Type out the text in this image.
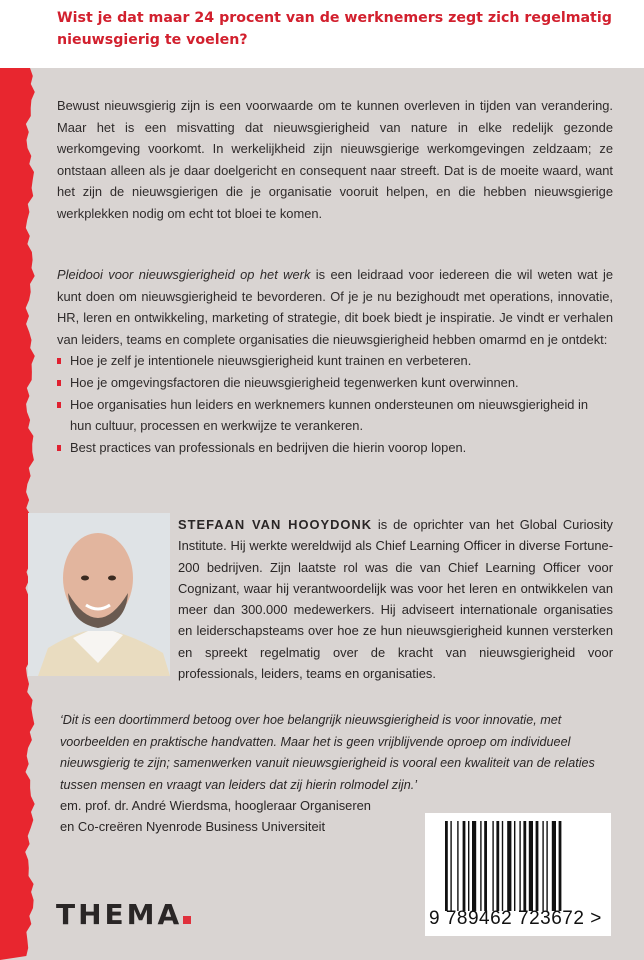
Wist je dat maar 24 procent van de werknemers zegt zich regelmatig nieuwsgierig te voelen?
Bewust nieuwsgierig zijn is een voorwaarde om te kunnen overleven in tijden van verandering. Maar het is een misvatting dat nieuwsgierigheid van nature in elke redelijk gezonde werkomgeving voorkomt. In werkelijkheid zijn nieuwsgierige werkomgevingen zeldzaam; ze ontstaan alleen als je daar doelgericht en consequent naar streeft. Dat is de moeite waard, want het zijn de nieuwsgierigen die je organisatie vooruit helpen, en die hebben nieuwsgierige werkplekken nodig om echt tot bloei te komen.
Pleidooi voor nieuwsgierigheid op het werk is een leidraad voor iedereen die wil weten wat je kunt doen om nieuwsgierigheid te bevorderen. Of je je nu bezighoudt met operations, innovatie, HR, leren en ontwikkeling, marketing of strategie, dit boek biedt je inspiratie. Je vindt er verhalen van leiders, teams en complete organisaties die nieuwsgierigheid hebben omarmd en je ontdekt:
Hoe je zelf je intentionele nieuwsgierigheid kunt trainen en verbeteren.
Hoe je omgevingsfactoren die nieuwsgierigheid tegenwerken kunt overwinnen.
Hoe organisaties hun leiders en werknemers kunnen ondersteunen om nieuwsgierigheid in hun cultuur, processen en werkwijze te verankeren.
Best practices van professionals en bedrijven die hierin voorop lopen.
STEFAAN VAN HOOYDONK is de oprichter van het Global Curiosity Institute. Hij werkte wereldwijd als Chief Learning Officer in diverse Fortune-200 bedrijven. Zijn laatste rol was die van Chief Learning Officer voor Cognizant, waar hij verantwoordelijk was voor het leren en ontwikkelen van meer dan 300.000 medewerkers. Hij adviseert internationale organisaties en leiderschapsteams over hoe ze hun nieuwsgierigheid kunnen versterken en spreekt regelmatig over de kracht van nieuwsgierigheid voor professionals, leiders, teams en organisaties.
‘Dit is een doortimmerd betoog over hoe belangrijk nieuwsgierigheid is voor innovatie, met voorbeelden en praktische handvatten. Maar het is geen vrijblijvende oproep om individueel nieuwsgierig te zijn; samenwerken vanuit nieuwsgierigheid is vooral een kwaliteit van de relaties tussen mensen en vraagt van leiders dat zij hierin rolmodel zijn.’
em. prof. dr. André Wierdsma, hoogleraar Organiseren
en Co-creëren Nyenrode Business Universiteit
THEMA	9 789462 723672 >
